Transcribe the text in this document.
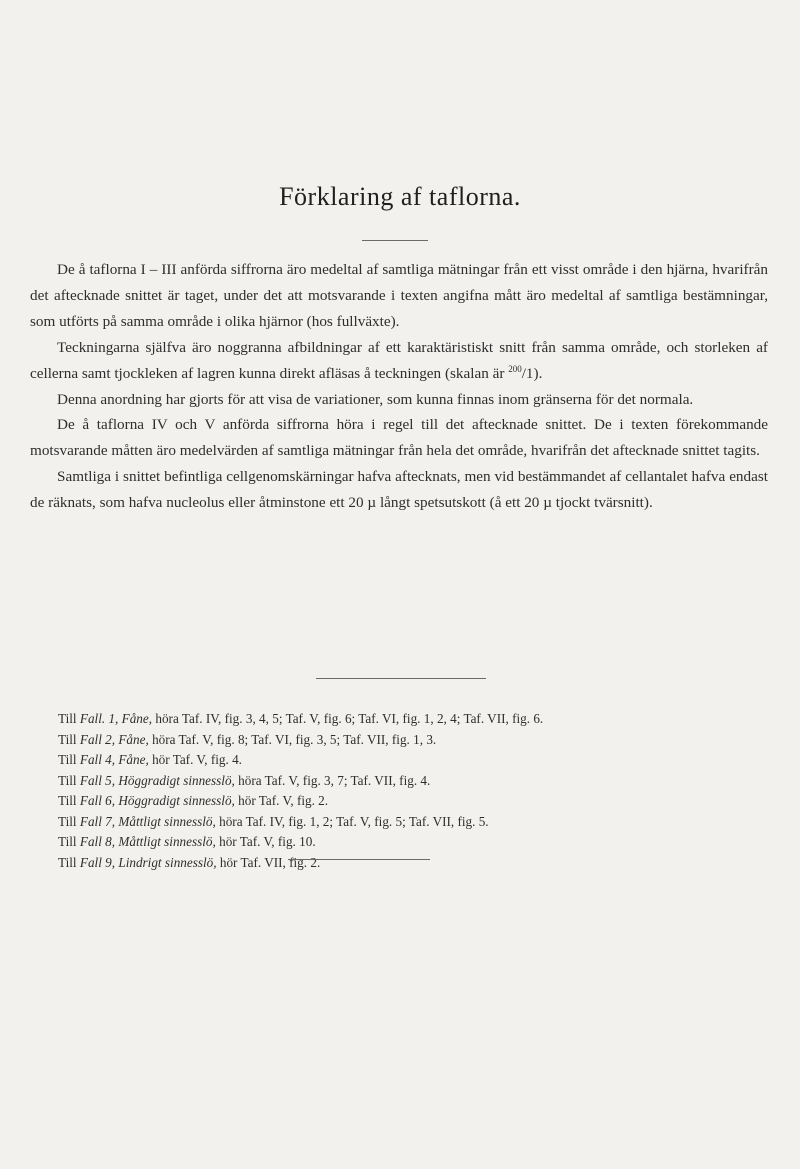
Förklaring af taflorna.

De å taflorna I – III anförda siffrorna äro medeltal af samtliga mätningar från ett visst område i den hjärna, hvarifrån det aftecknade snittet är taget, under det att motsvarande i texten angifna mått äro medeltal af samtliga bestämningar, som utförts på samma område i olika hjärnor (hos fullväxte).

Teckningarna själfva äro noggranna afbildningar af ett karaktäristiskt snitt från samma område, och storleken af cellerna samt tjockleken af lagren kunna direkt afläsas å teckningen (skalan är $^{200}$/1).

Denna anordning har gjorts för att visa de variationer, som kunna finnas inom gränserna för det normala.

De å taflorna IV och V anförda siffrorna höra i regel till det aftecknade snittet. De i texten förekommande motsvarande måtten äro medelvärden af samtliga mätningar från hela det område, hvarifrån det aftecknade snittet tagits.

Samtliga i snittet befintliga cellgenomskärningar hafva aftecknats, men vid bestämmandet af cellantalet hafva endast de räknats, som hafva nucleolus eller åtminstone ett 20 µ långt spetsutskott (å ett 20 µ tjockt tvärsnitt).

Till Fall. 1, Fåne, höra Taf. IV, fig. 3, 4, 5; Taf. V, fig. 6; Taf. VI, fig. 1, 2, 4; Taf. VII, fig. 6.

Till Fall 2, Fåne, höra Taf. V, fig. 8; Taf. VI, fig. 3, 5; Taf. VII, fig. 1, 3.

Till Fall 4, Fåne, hör Taf. V, fig. 4.

Till Fall 5, Höggradigt sinnesslö, höra Taf. V, fig. 3, 7; Taf. VII, fig. 4.

Till Fall 6, Höggradigt sinnesslö, hör Taf. V, fig. 2.

Till Fall 7, Måttligt sinnesslö, höra Taf. IV, fig. 1, 2; Taf. V, fig. 5; Taf. VII, fig. 5.

Till Fall 8, Måttligt sinnesslö, hör Taf. V, fig. 10.

Till Fall 9, Lindrigt sinnesslö, hör Taf. VII, fig. 2.
